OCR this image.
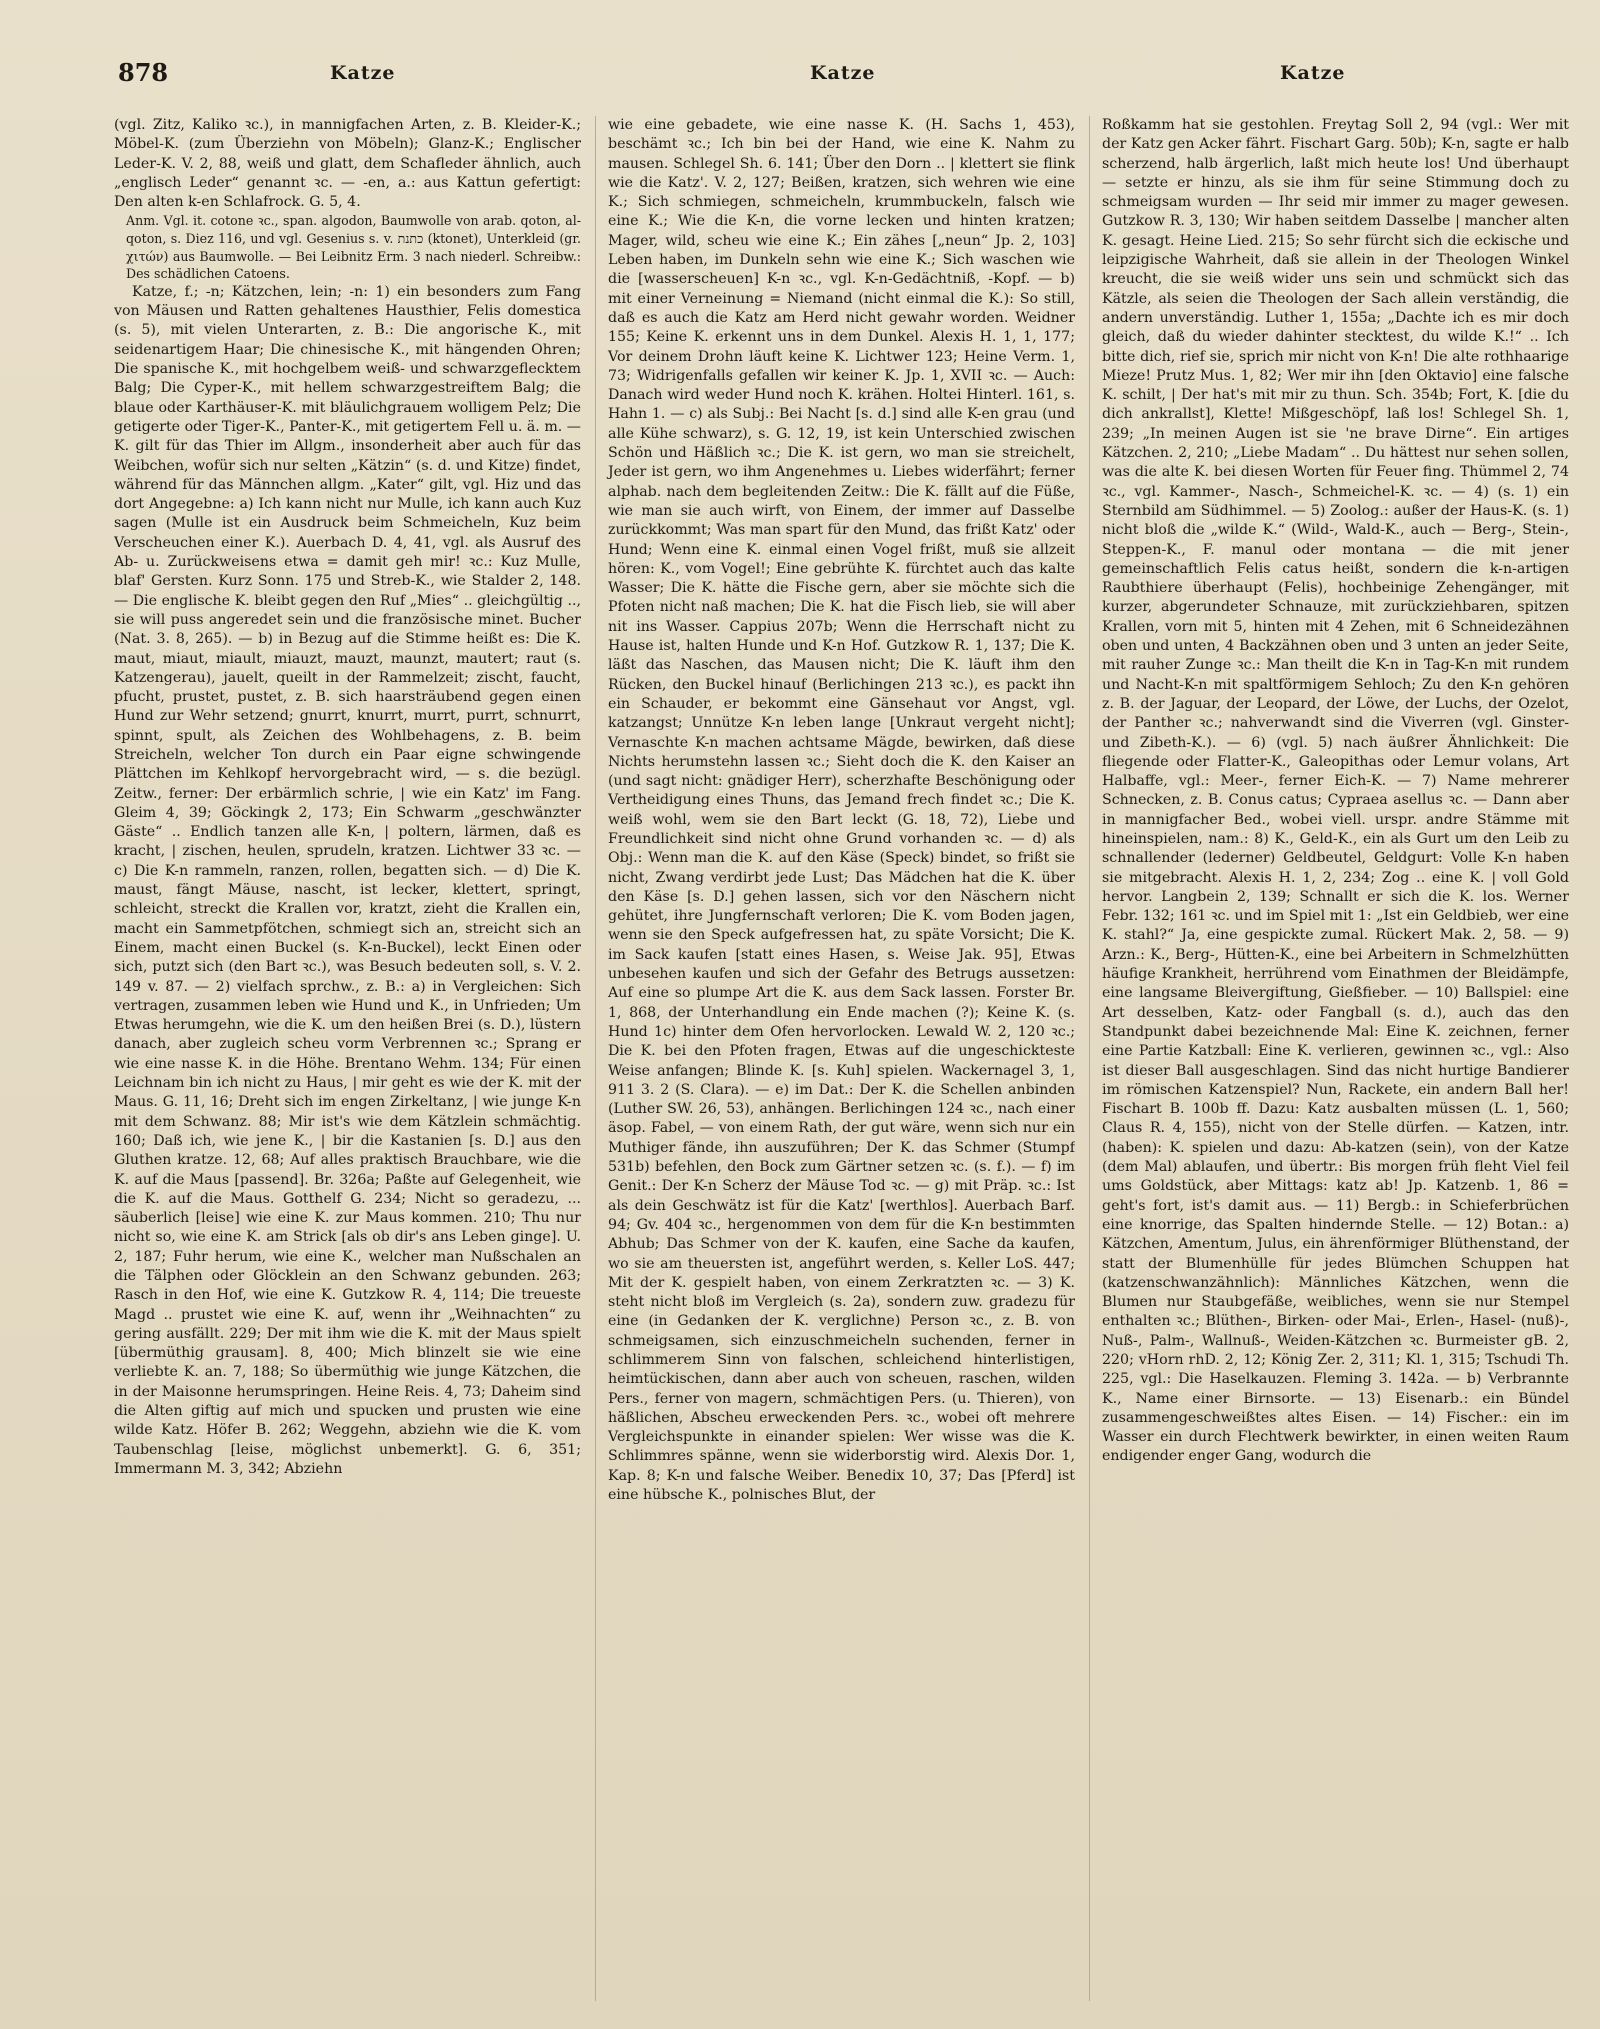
878	Katze	Katze	Katze

(vgl. Zitz, Kaliko ꝛc.), in mannigfachen Arten, z. B. Kleider-K.; Möbel-K. (zum Überziehn von Möbeln); Glanz-K.; Englischer Leder-K. V. 2, 88, weiß und glatt, dem Schafleder ähnlich, auch „englisch Leder“ genannt ꝛc. — -en, a.: aus Kattun gefertigt: Den alten k-en Schlafrock. G. 5, 4.

Anm. Vgl. it. cotone ꝛc., span. algodon, Baumwolle von arab. qoton, al-qoton, s. Diez 116, und vgl. Gesenius s. v. כתנת (ktonet), Unterkleid (gr. χιτών) aus Baumwolle. — Bei Leibnitz Erm. 3 nach niederl. Schreibw.: Des schädlichen Catoens.

Katze, f.; -n; Kätzchen, lein; -n: 1) ein besonders zum Fang von Mäusen und Ratten gehaltenes Hausthier, Felis domestica (s. 5), mit vielen Unterarten, z. B.: Die angorische K., mit seidenartigem Haar; Die chinesische K., mit hängenden Ohren; Die spanische K., mit hochgelbem weiß- und schwarzgeflecktem Balg; Die Cyper-K., mit hellem schwarzgestreiftem Balg; die blaue oder Karthäuser-K. mit bläulichgrauem wolligem Pelz; Die getigerte oder Tiger-K., Panter-K., mit getigertem Fell u. ä. m. — K. gilt für das Thier im Allgm., insonderheit aber auch für das Weibchen, wofür sich nur selten „Kätzin“ (s. d. und Kitze) findet, während für das Männchen allgm. „Kater“ gilt, vgl. Hiz und das dort Angegebne: a) Ich kann nicht nur Mulle, ich kann auch Kuz sagen (Mulle ist ein Ausdruck beim Schmeicheln, Kuz beim Verscheuchen einer K.). Auerbach D. 4, 41, vgl. als Ausruf des Ab- u. Zurückweisens etwa = damit geh mir! ꝛc.: Kuz Mulle, blaf' Gersten. Kurz Sonn. 175 und Streb-K., wie Stalder 2, 148. — Die englische K. bleibt gegen den Ruf „Mies“ .. gleichgültig .., sie will puss angeredet sein und die französische minet. Bucher (Nat. 3. 8, 265). — b) in Bezug auf die Stimme heißt es: Die K. maut, miaut, miault, miauzt, mauzt, maunzt, mautert; raut (s. Katzengerau), jauelt, queilt in der Rammelzeit; zischt, faucht, pfucht, prustet, pustet, z. B. sich haarsträubend gegen einen Hund zur Wehr setzend; gnurrt, knurrt, murrt, purrt, schnurrt, spinnt, spult, als Zeichen des Wohlbehagens, z. B. beim Streicheln, welcher Ton durch ein Paar eigne schwingende Plättchen im Kehlkopf hervorgebracht wird, — s. die bezügl. Zeitw., ferner: Der erbärmlich schrie, | wie ein Katz' im Fang. Gleim 4, 39; Göckingk 2, 173; Ein Schwarm „geschwänzter Gäste“ .. Endlich tanzen alle K-n, | poltern, lärmen, daß es kracht, | zischen, heulen, sprudeln, kratzen. Lichtwer 33 ꝛc. — c) Die K-n rammeln, ranzen, rollen, begatten sich. — d) Die K. maust, fängt Mäuse, nascht, ist lecker, klettert, springt, schleicht, streckt die Krallen vor, kratzt, zieht die Krallen ein, macht ein Sammetpfötchen, schmiegt sich an, streicht sich an Einem, macht einen Buckel (s. K-n-Buckel), leckt Einen oder sich, putzt sich (den Bart ꝛc.), was Besuch bedeuten soll, s. V. 2. 149 v. 87. — 2) vielfach sprchw., z. B.: a) in Vergleichen: Sich vertragen, zusammen leben wie Hund und K., in Unfrieden; Um Etwas herumgehn, wie die K. um den heißen Brei (s. D.), lüstern danach, aber zugleich scheu vorm Verbrennen ꝛc.; Sprang er wie eine nasse K. in die Höhe. Brentano Wehm. 134; Für einen Leichnam bin ich nicht zu Haus, | mir geht es wie der K. mit der Maus. G. 11, 16; Dreht sich im engen Zirkeltanz, | wie junge K-n mit dem Schwanz. 88; Mir ist's wie dem Kätzlein schmächtig. 160; Daß ich, wie jene K., | bir die Kastanien [s. D.] aus den Gluthen kratze. 12, 68; Auf alles praktisch Brauchbare, wie die K. auf die Maus [passend]. Br. 326a; Paßte auf Gelegenheit, wie die K. auf die Maus. Gotthelf G. 234; Nicht so geradezu, ... säuberlich [leise] wie eine K. zur Maus kommen. 210; Thu nur nicht so, wie eine K. am Strick [als ob dir's ans Leben ginge]. U. 2, 187; Fuhr herum, wie eine K., welcher man Nußschalen an die Tälphen oder Glöcklein an den Schwanz gebunden. 263; Rasch in den Hof, wie eine K. Gutzkow R. 4, 114; Die treueste Magd .. prustet wie eine K. auf, wenn ihr „Weihnachten“ zu gering ausfällt. 229; Der mit ihm wie die K. mit der Maus spielt [übermüthig grausam]. 8, 400; Mich blinzelt sie wie eine verliebte K. an. 7, 188; So übermüthig wie junge Kätzchen, die in der Maisonne herumspringen. Heine Reis. 4, 73; Daheim sind die Alten giftig auf mich und spucken und prusten wie eine wilde Katz. Höfer B. 262; Weggehn, abziehn wie die K. vom Taubenschlag [leise, möglichst unbemerkt]. G. 6, 351; Immermann M. 3, 342; Abziehn

wie eine gebadete, wie eine nasse K. (H. Sachs 1, 453), beschämt ꝛc.; Ich bin bei der Hand, wie eine K. Nahm zu mausen. Schlegel Sh. 6. 141; Über den Dorn .. | klettert sie flink wie die Katz'. V. 2, 127; Beißen, kratzen, sich wehren wie eine K.; Sich schmiegen, schmeicheln, krummbuckeln, falsch wie eine K.; Wie die K-n, die vorne lecken und hinten kratzen; Mager, wild, scheu wie eine K.; Ein zähes [„neun“ Jp. 2, 103] Leben haben, im Dunkeln sehn wie eine K.; Sich waschen wie die [wasserscheuen] K-n ꝛc., vgl. K-n-Gedächtniß, -Kopf. — b) mit einer Verneinung = Niemand (nicht einmal die K.): So still, daß es auch die Katz am Herd nicht gewahr worden. Weidner 155; Keine K. erkennt uns in dem Dunkel. Alexis H. 1, 1, 177; Vor deinem Drohn läuft keine K. Lichtwer 123; Heine Verm. 1, 73; Widrigenfalls gefallen wir keiner K. Jp. 1, XVII ꝛc. — Auch: Danach wird weder Hund noch K. krähen. Holtei Hinterl. 161, s. Hahn 1. — c) als Subj.: Bei Nacht [s. d.] sind alle K-en grau (und alle Kühe schwarz), s. G. 12, 19, ist kein Unterschied zwischen Schön und Häßlich ꝛc.; Die K. ist gern, wo man sie streichelt, Jeder ist gern, wo ihm Angenehmes u. Liebes widerfährt; ferner alphab. nach dem begleitenden Zeitw.: Die K. fällt auf die Füße, wie man sie auch wirft, von Einem, der immer auf Dasselbe zurückkommt; Was man spart für den Mund, das frißt Katz' oder Hund; Wenn eine K. einmal einen Vogel frißt, muß sie allzeit hören: K., vom Vogel!; Eine gebrühte K. fürchtet auch das kalte Wasser; Die K. hätte die Fische gern, aber sie möchte sich die Pfoten nicht naß machen; Die K. hat die Fisch lieb, sie will aber nit ins Wasser. Cappius 207b; Wenn die Herrschaft nicht zu Hause ist, halten Hunde und K-n Hof. Gutzkow R. 1, 137; Die K. läßt das Naschen, das Mausen nicht; Die K. läuft ihm den Rücken, den Buckel hinauf (Berlichingen 213 ꝛc.), es packt ihn ein Schauder, er bekommt eine Gänsehaut vor Angst, vgl. katzangst; Unnütze K-n leben lange [Unkraut vergeht nicht]; Vernaschte K-n machen achtsame Mägde, bewirken, daß diese Nichts herumstehn lassen ꝛc.; Sieht doch die K. den Kaiser an (und sagt nicht: gnädiger Herr), scherzhafte Beschönigung oder Vertheidigung eines Thuns, das Jemand frech findet ꝛc.; Die K. weiß wohl, wem sie den Bart leckt (G. 18, 72), Liebe und Freundlichkeit sind nicht ohne Grund vorhanden ꝛc. — d) als Obj.: Wenn man die K. auf den Käse (Speck) bindet, so frißt sie nicht, Zwang verdirbt jede Lust; Das Mädchen hat die K. über den Käse [s. D.] gehen lassen, sich vor den Näschern nicht gehütet, ihre Jungfernschaft verloren; Die K. vom Boden jagen, wenn sie den Speck aufgefressen hat, zu späte Vorsicht; Die K. im Sack kaufen [statt eines Hasen, s. Weise Jak. 95], Etwas unbesehen kaufen und sich der Gefahr des Betrugs aussetzen: Auf eine so plumpe Art die K. aus dem Sack lassen. Forster Br. 1, 868, der Unterhandlung ein Ende machen (?); Keine K. (s. Hund 1c) hinter dem Ofen hervorlocken. Lewald W. 2, 120 ꝛc.; Die K. bei den Pfoten fragen, Etwas auf die ungeschickteste Weise anfangen; Blinde K. [s. Kuh] spielen. Wackernagel 3, 1, 911 3. 2 (S. Clara). — e) im Dat.: Der K. die Schellen anbinden (Luther SW. 26, 53), anhängen. Berlichingen 124 ꝛc., nach einer äsop. Fabel, — von einem Rath, der gut wäre, wenn sich nur ein Muthiger fände, ihn auszuführen; Der K. das Schmer (Stumpf 531b) befehlen, den Bock zum Gärtner setzen ꝛc. (s. f.). — f) im Genit.: Der K-n Scherz der Mäuse Tod ꝛc. — g) mit Präp. ꝛc.: Ist als dein Geschwätz ist für die Katz' [werthlos]. Auerbach Barf. 94; Gv. 404 ꝛc., hergenommen von dem für die K-n bestimmten Abhub; Das Schmer von der K. kaufen, eine Sache da kaufen, wo sie am theuersten ist, angeführt werden, s. Keller LoS. 447; Mit der K. gespielt haben, von einem Zerkratzten ꝛc. — 3) K. steht nicht bloß im Vergleich (s. 2a), sondern zuw. gradezu für eine (in Gedanken der K. verglichne) Person ꝛc., z. B. von schmeigsamen, sich einzuschmeicheln suchenden, ferner in schlimmerem Sinn von falschen, schleichend hinterlistigen, heimtückischen, dann aber auch von scheuen, raschen, wilden Pers., ferner von magern, schmächtigen Pers. (u. Thieren), von häßlichen, Abscheu erweckenden Pers. ꝛc., wobei oft mehrere Vergleichspunkte in einander spielen: Wer wisse was die K. Schlimmres spänne, wenn sie widerborstig wird. Alexis Dor. 1, Kap. 8; K-n und falsche Weiber. Benedix 10, 37; Das [Pferd] ist eine hübsche K., polnisches Blut, der

Roßkamm hat sie gestohlen. Freytag Soll 2, 94 (vgl.: Wer mit der Katz gen Acker fährt. Fischart Garg. 50b); K-n, sagte er halb scherzend, halb ärgerlich, laßt mich heute los! Und überhaupt — setzte er hinzu, als sie ihm für seine Stimmung doch zu schmeigsam wurden — Ihr seid mir immer zu mager gewesen. Gutzkow R. 3, 130; Wir haben seitdem Dasselbe | mancher alten K. gesagt. Heine Lied. 215; So sehr fürcht sich die eckische und leipzigische Wahrheit, daß sie allein in der Theologen Winkel kreucht, die sie weiß wider uns sein und schmückt sich das Kätzle, als seien die Theologen der Sach allein verständig, die andern unverständig. Luther 1, 155a; „Dachte ich es mir doch gleich, daß du wieder dahinter stecktest, du wilde K.!“ .. Ich bitte dich, rief sie, sprich mir nicht von K-n! Die alte rothhaarige Mieze! Prutz Mus. 1, 82; Wer mir ihn [den Oktavio] eine falsche K. schilt, | Der hat's mit mir zu thun. Sch. 354b; Fort, K. [die du dich ankrallst], Klette! Mißgeschöpf, laß los! Schlegel Sh. 1, 239; „In meinen Augen ist sie 'ne brave Dirne“. Ein artiges Kätzchen. 2, 210; „Liebe Madam“ .. Du hättest nur sehen sollen, was die alte K. bei diesen Worten für Feuer fing. Thümmel 2, 74 ꝛc., vgl. Kammer-, Nasch-, Schmeichel-K. ꝛc. — 4) (s. 1) ein Sternbild am Südhimmel. — 5) Zoolog.: außer der Haus-K. (s. 1) nicht bloß die „wilde K.“ (Wild-, Wald-K., auch — Berg-, Stein-, Steppen-K., F. manul oder montana — die mit jener gemeinschaftlich Felis catus heißt, sondern die k-n-artigen Raubthiere überhaupt (Felis), hochbeinige Zehengänger, mit kurzer, abgerundeter Schnauze, mit zurückziehbaren, spitzen Krallen, vorn mit 5, hinten mit 4 Zehen, mit 6 Schneidezähnen oben und unten, 4 Backzähnen oben und 3 unten an jeder Seite, mit rauher Zunge ꝛc.: Man theilt die K-n in Tag-K-n mit rundem und Nacht-K-n mit spaltförmigem Sehloch; Zu den K-n gehören z. B. der Jaguar, der Leopard, der Löwe, der Luchs, der Ozelot, der Panther ꝛc.; nahverwandt sind die Viverren (vgl. Ginster- und Zibeth-K.). — 6) (vgl. 5) nach äußrer Ähnlichkeit: Die fliegende oder Flatter-K., Galeopithas oder Lemur volans, Art Halbaffe, vgl.: Meer-, ferner Eich-K. — 7) Name mehrerer Schnecken, z. B. Conus catus; Cypraea asellus ꝛc. — Dann aber in mannigfacher Bed., wobei viell. urspr. andre Stämme mit hineinspielen, nam.: 8) K., Geld-K., ein als Gurt um den Leib zu schnallender (lederner) Geldbeutel, Geldgurt: Volle K-n haben sie mitgebracht. Alexis H. 1, 2, 234; Zog .. eine K. | voll Gold hervor. Langbein 2, 139; Schnallt er sich die K. los. Werner Febr. 132; 161 ꝛc. und im Spiel mit 1: „Ist ein Geldbieb, wer eine K. stahl?“ Ja, eine gespickte zumal. Rückert Mak. 2, 58. — 9) Arzn.: K., Berg-, Hütten-K., eine bei Arbeitern in Schmelzhütten häufige Krankheit, herrührend vom Einathmen der Bleidämpfe, eine langsame Bleivergiftung, Gießfieber. — 10) Ballspiel: eine Art desselben, Katz- oder Fangball (s. d.), auch das den Standpunkt dabei bezeichnende Mal: Eine K. zeichnen, ferner eine Partie Katzball: Eine K. verlieren, gewinnen ꝛc., vgl.: Also ist dieser Ball ausgeschlagen. Sind das nicht hurtige Bandierer im römischen Katzenspiel? Nun, Rackete, ein andern Ball her! Fischart B. 100b ff. Dazu: Katz ausbalten müssen (L. 1, 560; Claus R. 4, 155), nicht von der Stelle dürfen. — Katzen, intr. (haben): K. spielen und dazu: Ab-katzen (sein), von der Katze (dem Mal) ablaufen, und übertr.: Bis morgen früh fleht Viel feil ums Goldstück, aber Mittags: katz ab! Jp. Katzenb. 1, 86 = geht's fort, ist's damit aus. — 11) Bergb.: in Schieferbrüchen eine knorrige, das Spalten hindernde Stelle. — 12) Botan.: a) Kätzchen, Amentum, Julus, ein ährenförmiger Blüthenstand, der statt der Blumenhülle für jedes Blümchen Schuppen hat (katzenschwanzähnlich): Männliches Kätzchen, wenn die Blumen nur Staubgefäße, weibliches, wenn sie nur Stempel enthalten ꝛc.; Blüthen-, Birken- oder Mai-, Erlen-, Hasel- (nuß)-, Nuß-, Palm-, Wallnuß-, Weiden-Kätzchen ꝛc. Burmeister gB. 2, 220; vHorn rhD. 2, 12; König Zer. 2, 311; Kl. 1, 315; Tschudi Th. 225, vgl.: Die Haselkauzen. Fleming 3. 142a. — b) Verbrannte K., Name einer Birnsorte. — 13) Eisenarb.: ein Bündel zusammengeschweißtes altes Eisen. — 14) Fischer.: ein im Wasser ein durch Flechtwerk bewirkter, in einen weiten Raum endigender enger Gang, wodurch die
